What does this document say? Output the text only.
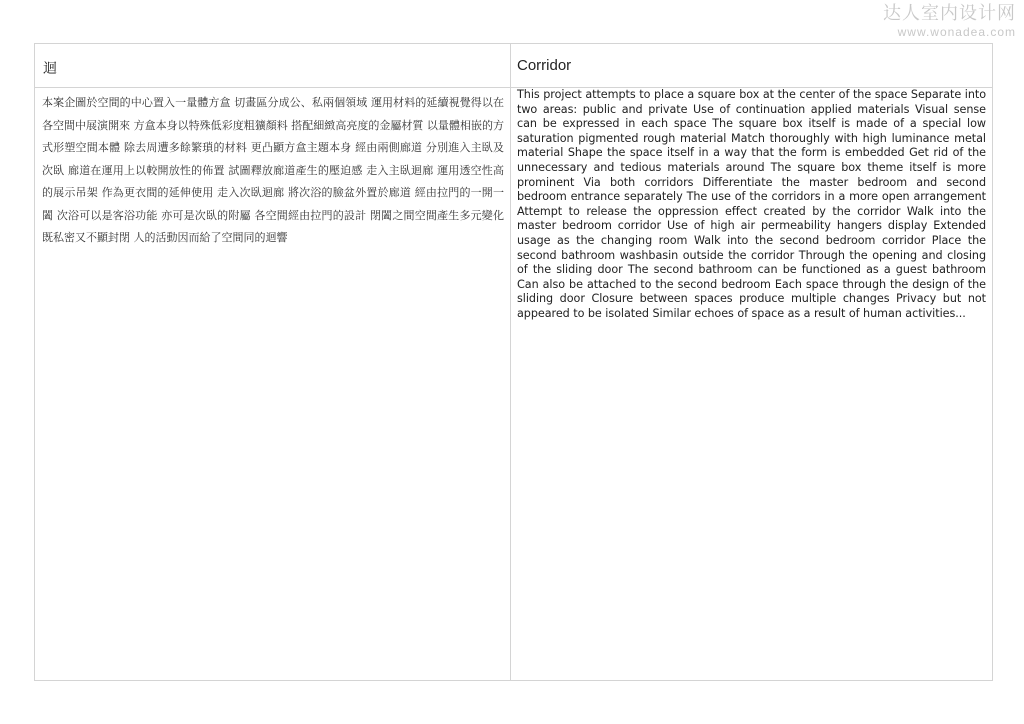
达人室内设计网
www.wonadea.com
迴	Corridor
本案企圖於空間的中心置入一量體方盒 切畫區分成公、私兩個領域 運用材料的延續視覺得以在各空間中展演開來 方盒本身以特殊低彩度粗獷顏料 搭配細緻高亮度的金屬材質 以量體相嵌的方式形塑空間本體 除去周遭多餘繁瑣的材料 更凸顯方盒主題本身 經由兩側廊道 分別進入主臥及次臥 廊道在運用上以較開放性的佈置 試圖釋放廊道產生的壓迫感 走入主臥迴廊 運用透空性高的展示吊架 作為更衣間的延伸使用 走入次臥迴廊 將次浴的臉盆外置於廊道 經由拉門的一開一闔 次浴可以是客浴功能 亦可是次臥的附屬 各空間經由拉門的設計 閉闔之間空間產生多元變化 既私密又不顯封閉 人的活動因而給了空間同的迴響
This project attempts to place a square box at the center of the space Separate into two areas: public and private Use of continuation applied materials Visual sense can be expressed in each space The square box itself is made of a special low saturation pigmented rough material Match thoroughly with high luminance metal material Shape the space itself in a way that the form is embedded Get rid of the unnecessary and tedious materials around The square box theme itself is more prominent Via both corridors Differentiate the master bedroom and second bedroom entrance separately The use of the corridors in a more open arrangement Attempt to release the oppression effect created by the corridor Walk into the master bedroom corridor Use of high air permeability hangers display Extended usage as the changing room Walk into the second bedroom corridor Place the second bathroom washbasin outside the corridor Through the opening and closing of the sliding door The second bathroom can be functioned as a guest bathroom Can also be attached to the second bedroom Each space through the design of the sliding door Closure between spaces produce multiple changes Privacy but not appeared to be isolated Similar echoes of space as a result of human activities...
